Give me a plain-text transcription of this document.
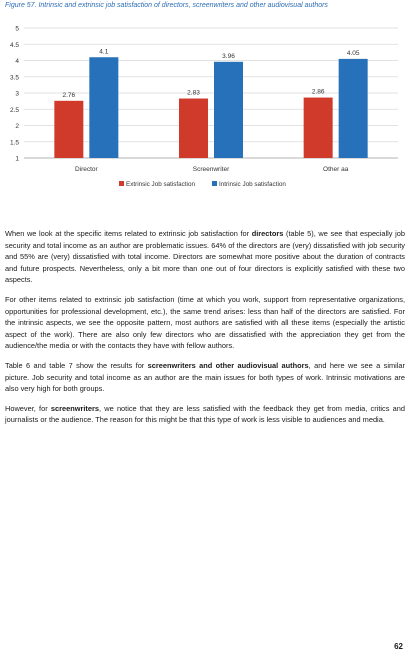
Figure 57. Intrinsic and extrinsic job satisfaction of directors, screenwriters and other audiovisual authors
1
1.5
2
2.5
3
3.5
4
4.5
5
2.76
4.1
Director
2.83
3.96
Screenwriter
2.86
4.05
Other aa
Extrinsic Job satisfaction	Intrinsic Job satisfaction

When we look at the specific items related to extrinsic job satisfaction for directors (table 5), we see that especially job security and total income as an author are problematic issues. 64% of the directors are (very) dissatisfied with job security and 55% are (very) dissatisfied with total income. Directors are somewhat more positive about the duration of contracts and future prospects. Nevertheless, only a bit more than one out of four directors is explicitly satisfied with these two aspects.

For other items related to extrinsic job satisfaction (time at which you work, support from representative organizations, opportunities for professional development, etc.), the same trend arises: less than half of the directors are satisfied. For the intrinsic aspects, we see the opposite pattern, most authors are satisfied with all these items (especially the artistic aspect of the work). There are also only few directors who are dissatisfied with the appreciation they get from the audience/the media or with the contacts they have with fellow authors.

Table 6 and table 7 show the results for screenwriters and other audiovisual authors, and here we see a similar picture. Job security and total income as an author are the main issues for both types of work. Intrinsic motivations are also very high for both groups.

However, for screenwriters, we notice that they are less satisfied with the feedback they get from media, critics and journalists or the audience. The reason for this might be that this type of work is less visible to audiences and media.

62
